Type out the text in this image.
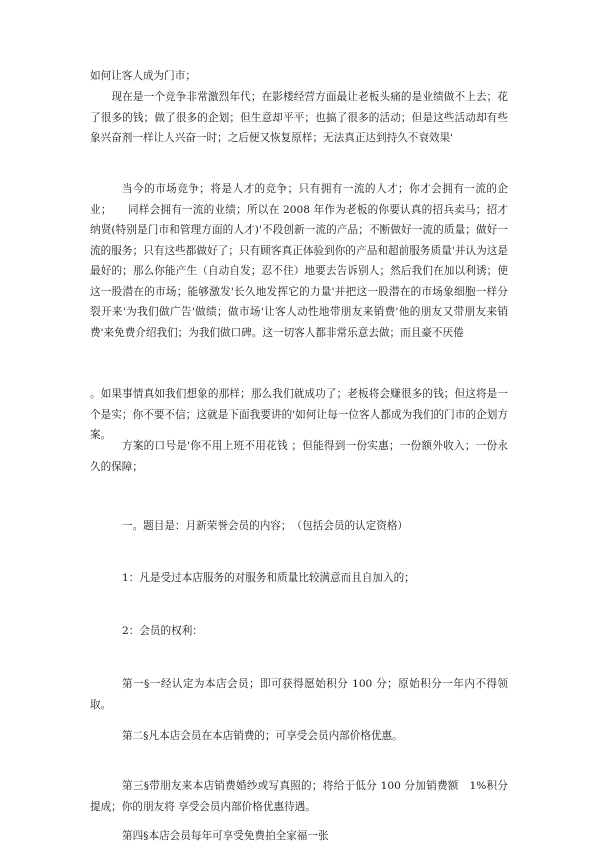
如何让客人成为门市；

　　现在是一个竞争非常激烈年代；在影楼经营方面最让老板头痛的是业绩做不上去；花了很多的钱；做了很多的企划；但生意却平平；也搞了很多的活动；但是这些活动却有些象兴奋剂一样让人兴奋一时；之后便又恢复原样；无法真正达到持久不衰效果'

当今的市场竞争；将是人才的竞争；只有拥有一流的人才；你才会拥有一流的企业；　　同样会拥有一流的业绩；所以在 2008 年作为老板的你要认真的招兵卖马；招才纳贤(特别是门市和管理方面的人才)'不段创新一流的产品；不断做好一流的质量；做好一流的服务；只有这些都做好了；只有顾客真正体验到你的产品和超前服务质量'并认为这是最好的；那么你能产生（自动自发；忍不住）地要去告诉别人；然后我们在加以利诱；使这一股潜在的市场；能够激发'长久地发挥它的力量'并把这一股潜在的市场象细胞一样分裂开来'为我们做广告'做绩；做市场'让客人动性地带朋友来销费'他的朋友又带朋友来销费'来免费介绍我们；为我们做口碑。这一切客人都非常乐意去做；而且豪不厌倦

。如果事情真如我们想象的那样；那么我们就成功了；老板将会赚很多的钱；但这将是一个是实；你不要不信；这就是下面我要讲的'如何让每一位客人都成为我们的门市的企划方案。

方案的口号是'你不用上班不用花钱 ；但能得到一份实惠；一份额外收入；一份永久的保障；

一。题目是：月新荣誉会员的内容；　（包括会员的认定资格）

1：凡是受过本店服务的对服务和质量比较满意而且自加入的；

2：会员的权利：

第一§一经认定为本店会员；即可获得愿始积分 100 分；原始积分一年内不得领取。

第二§凡本店会员在本店销费的；可享受会员内部价格优惠。

第三§带朋友来本店销费婚纱或写真照的；将给于低分 100 分加销费额　1%积分提成；你的朋友将 享受会员内部价格优惠待遇。

第四§本店会员每年可享受免费拍全家福一张
